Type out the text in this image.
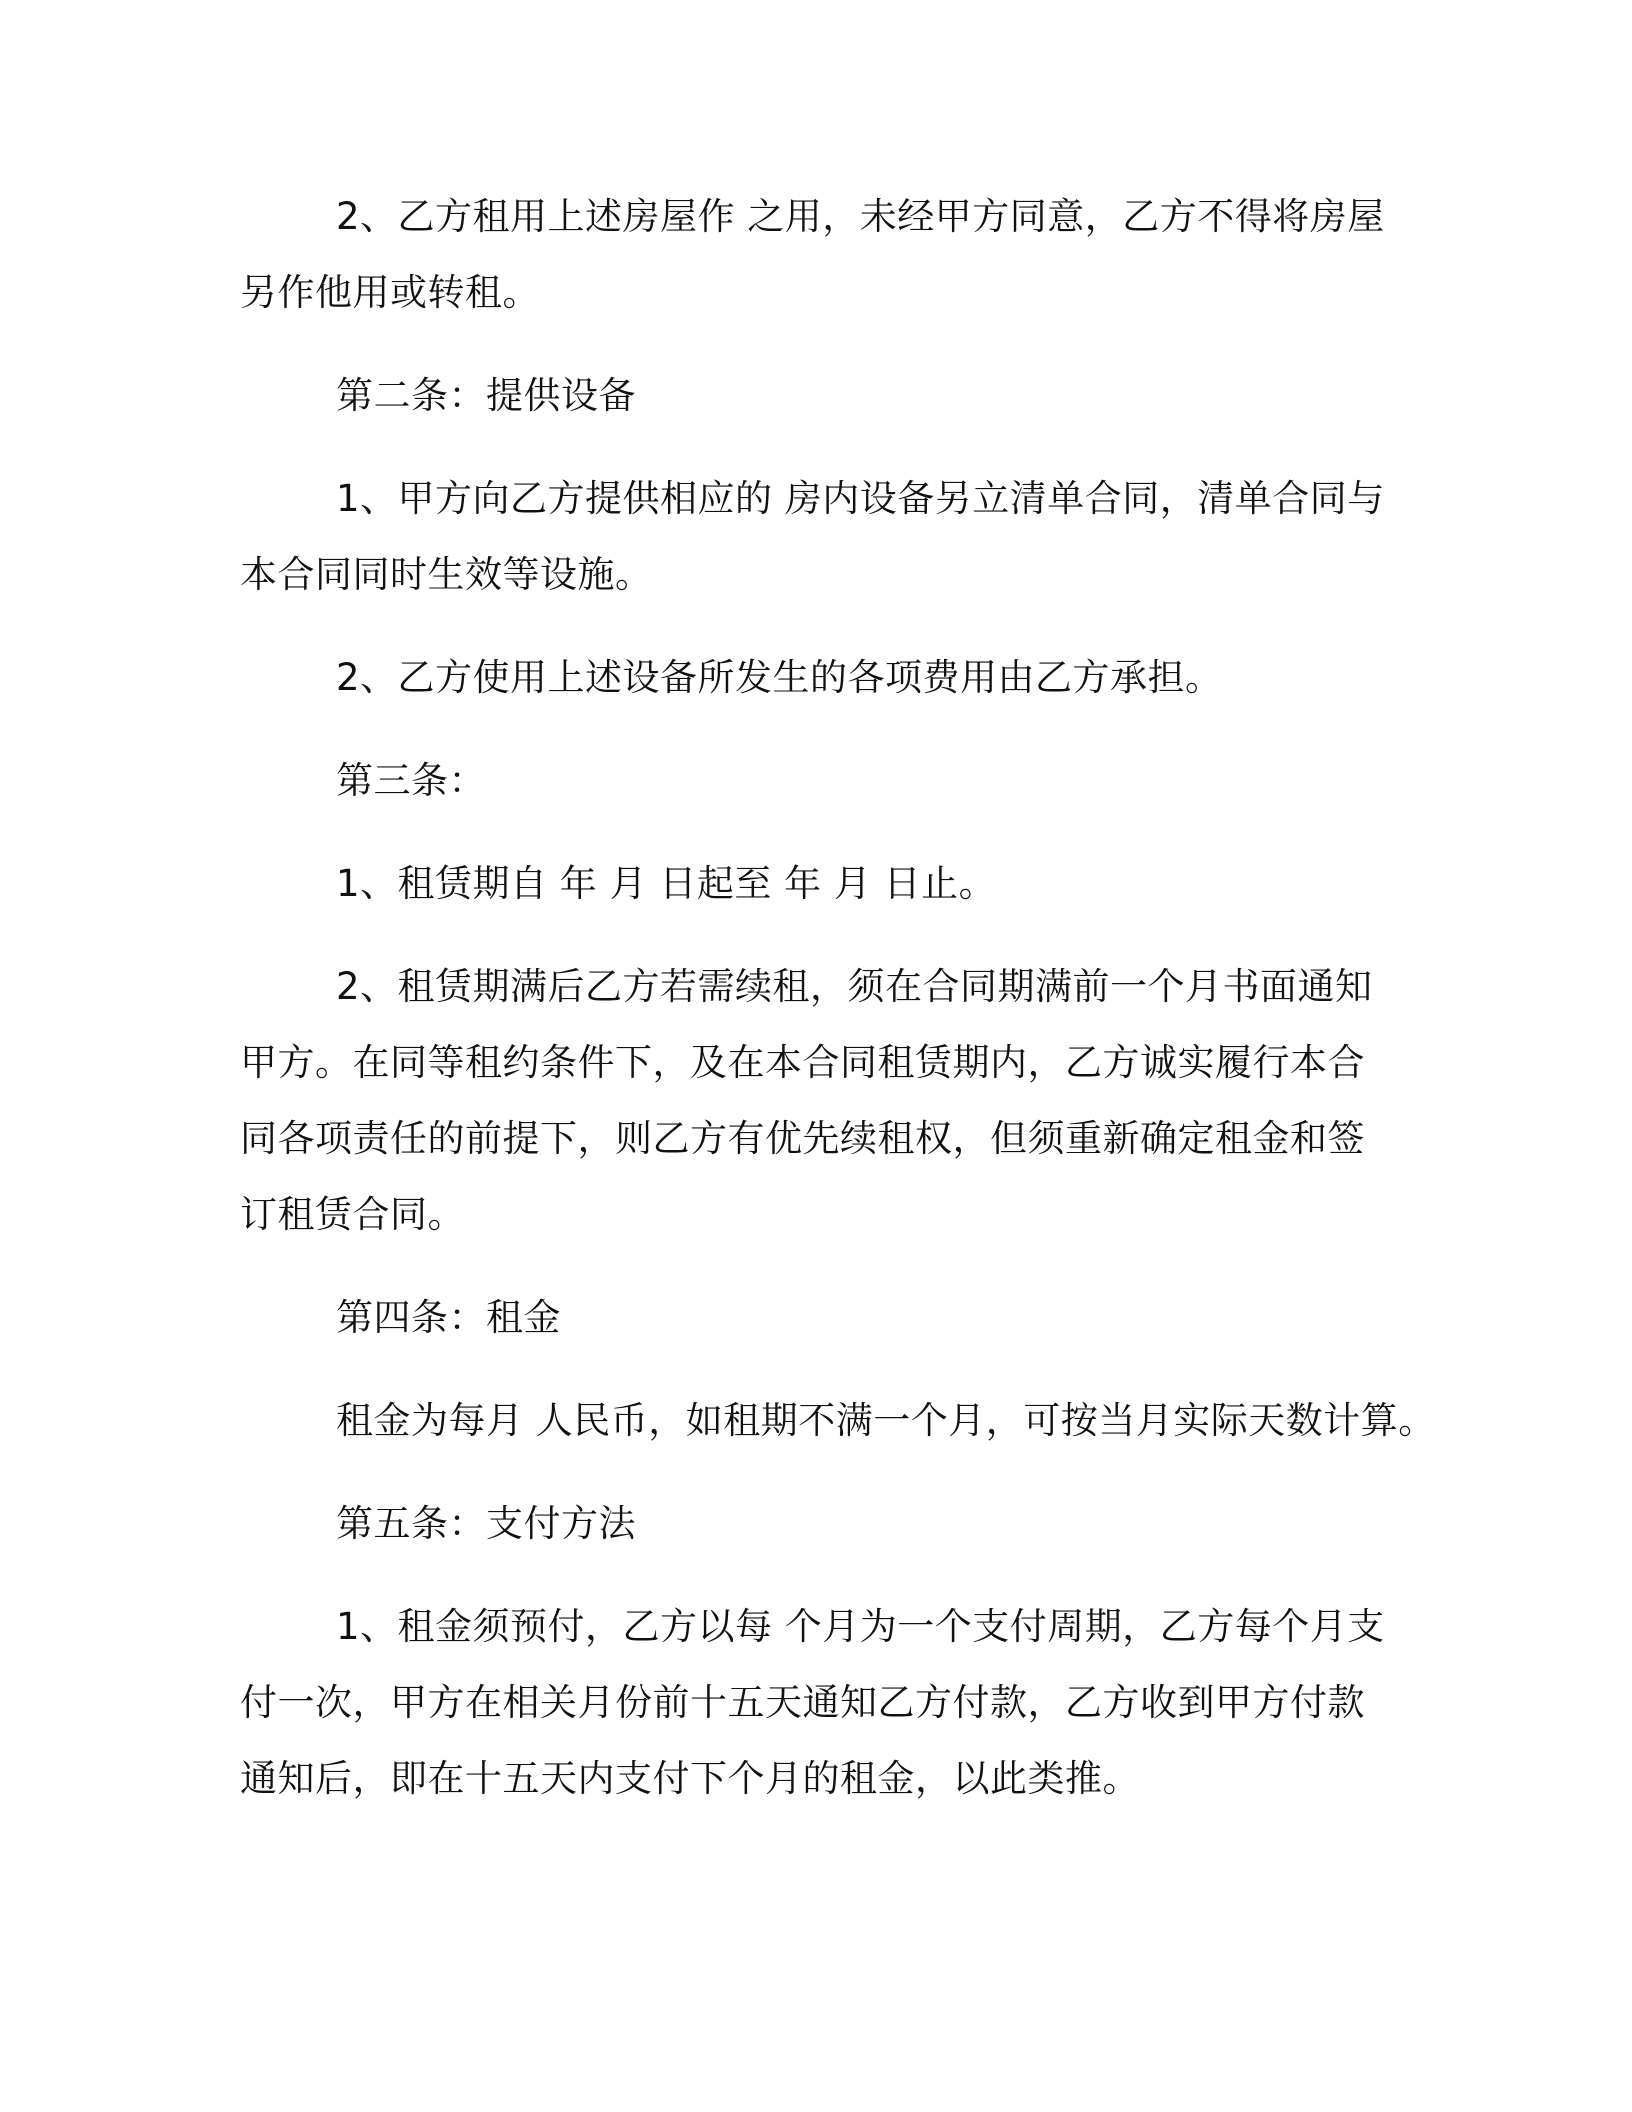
2、乙方租用上述房屋作 之用，未经甲方同意，乙方不得将房屋
另作他用或转租。
第二条：提供设备
1、甲方向乙方提供相应的 房内设备另立清单合同，清单合同与
本合同同时生效等设施。
2、乙方使用上述设备所发生的各项费用由乙方承担。
第三条：
1、租赁期自 年 月 日起至 年 月 日止。
2、租赁期满后乙方若需续租，须在合同期满前一个月书面通知
甲方。在同等租约条件下，及在本合同租赁期内，乙方诚实履行本合
同各项责任的前提下，则乙方有优先续租权，但须重新确定租金和签
订租赁合同。
第四条：租金
租金为每月 人民币，如租期不满一个月，可按当月实际天数计算。
第五条：支付方法
1、租金须预付，乙方以每 个月为一个支付周期，乙方每个月支
付一次，甲方在相关月份前十五天通知乙方付款，乙方收到甲方付款
通知后，即在十五天内支付下个月的租金，以此类推。
